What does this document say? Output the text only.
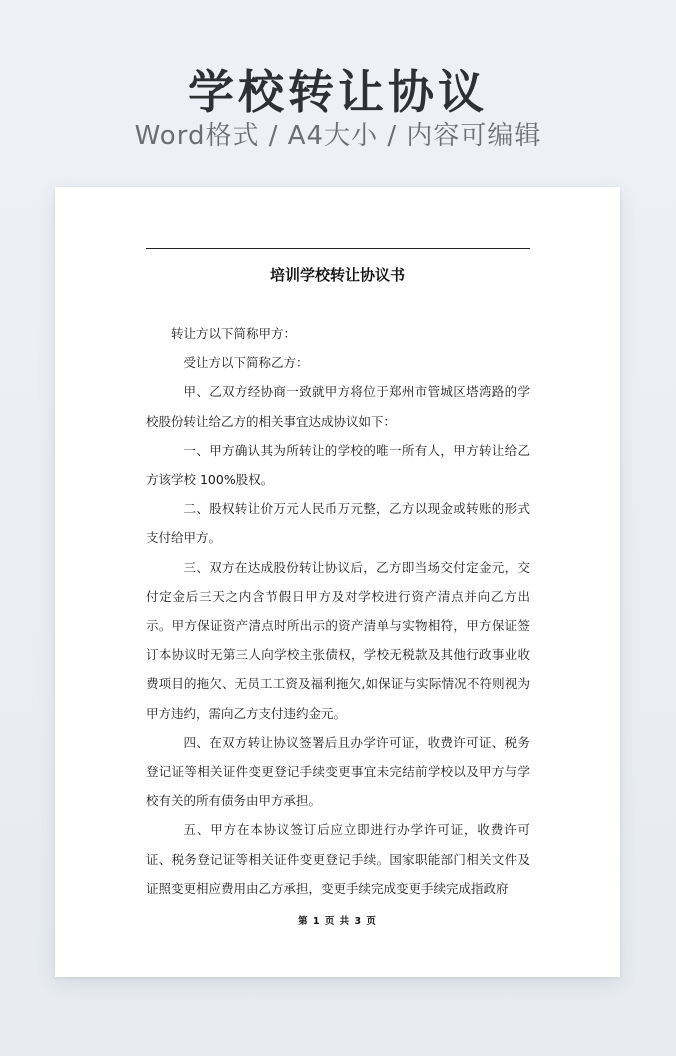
学校转让协议
Word格式 / A4大小 / 内容可编辑
培训学校转让协议书

转让方以下简称甲方：

受让方以下简称乙方：

甲、乙双方经协商一致就甲方将位于郑州市管城区塔湾路的学校股份转让给乙方的相关事宜达成协议如下：

一、甲方确认其为所转让的学校的唯一所有人，甲方转让给乙方该学校 100%股权。

二、股权转让价万元人民币万元整，乙方以现金或转账的形式支付给甲方。

三、双方在达成股份转让协议后，乙方即当场交付定金元，交付定金后三天之内含节假日甲方及对学校进行资产清点并向乙方出示。甲方保证资产清点时所出示的资产清单与实物相符，甲方保证签订本协议时无第三人向学校主张债权，学校无税款及其他行政事业收费项目的拖欠、无员工工资及福利拖欠,如保证与实际情况不符则视为甲方违约，需向乙方支付违约金元。

四、在双方转让协议签署后且办学许可证，收费许可证、税务登记证等相关证件变更登记手续变更事宜未完结前学校以及甲方与学校有关的所有债务由甲方承担。

五、甲方在本协议签订后应立即进行办学许可证，收费许可证、税务登记证等相关证件变更登记手续。国家职能部门相关文件及证照变更相应费用由乙方承担，变更手续完成变更手续完成指政府

第 1 页 共 3 页
